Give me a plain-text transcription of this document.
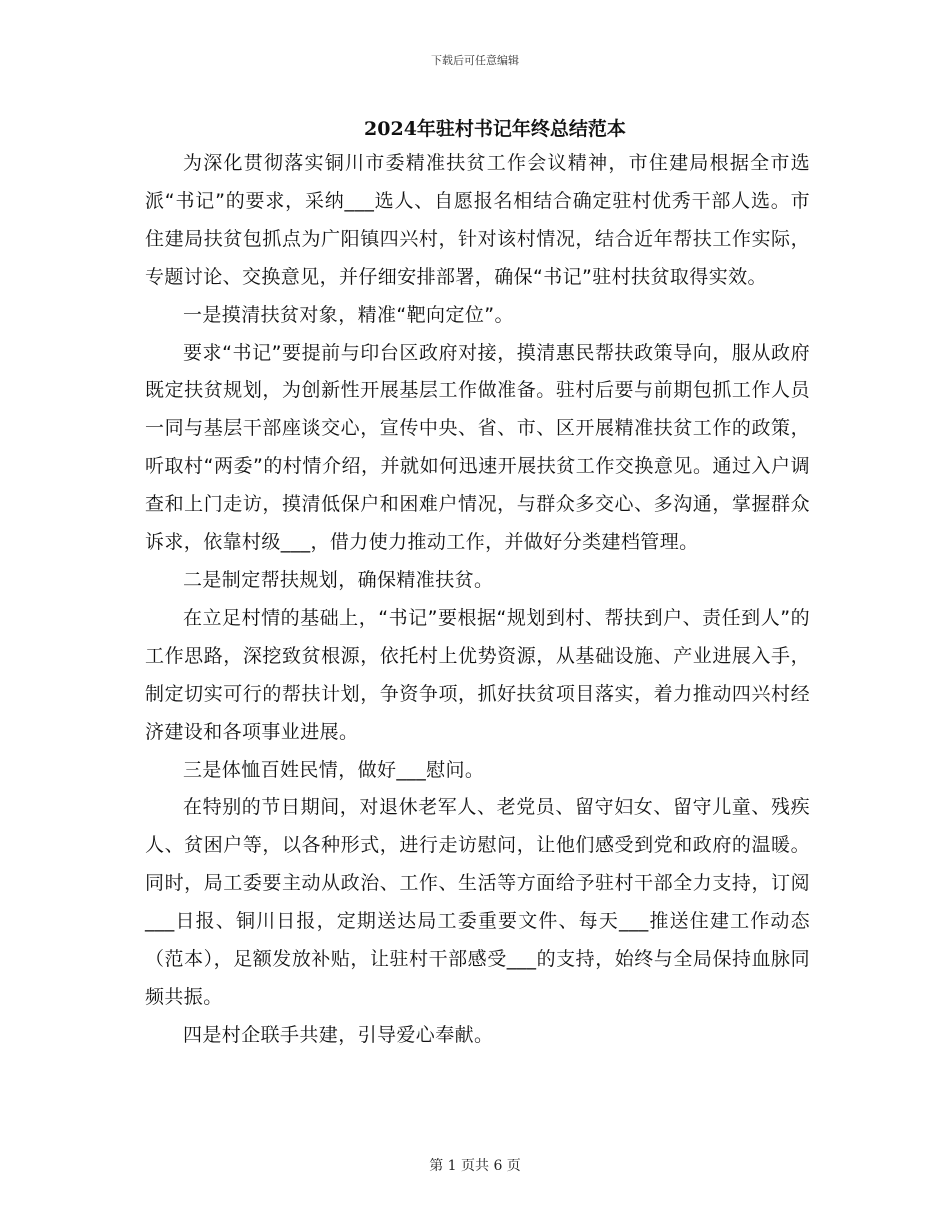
下载后可任意编辑
2024年驻村书记年终总结范本

为深化贯彻落实铜川市委精准扶贫工作会议精神，市住建局根据全市选派“书记”的要求，采纳___选人、自愿报名相结合确定驻村优秀干部人选。市住建局扶贫包抓点为广阳镇四兴村，针对该村情况，结合近年帮扶工作实际，专题讨论、交换意见，并仔细安排部署，确保“书记”驻村扶贫取得实效。

一是摸清扶贫对象，精准“靶向定位”。

要求“书记”要提前与印台区政府对接，摸清惠民帮扶政策导向，服从政府既定扶贫规划，为创新性开展基层工作做准备。驻村后要与前期包抓工作人员一同与基层干部座谈交心，宣传中央、省、市、区开展精准扶贫工作的政策，听取村“两委”的村情介绍，并就如何迅速开展扶贫工作交换意见。通过入户调查和上门走访，摸清低保户和困难户情况，与群众多交心、多沟通，掌握群众诉求，依靠村级___，借力使力推动工作，并做好分类建档管理。

二是制定帮扶规划，确保精准扶贫。

在立足村情的基础上，“书记”要根据“规划到村、帮扶到户、责任到人”的工作思路，深挖致贫根源，依托村上优势资源，从基础设施、产业进展入手，制定切实可行的帮扶计划，争资争项，抓好扶贫项目落实，着力推动四兴村经济建设和各项事业进展。

三是体恤百姓民情，做好___慰问。

在特别的节日期间，对退休老军人、老党员、留守妇女、留守儿童、残疾人、贫困户等，以各种形式，进行走访慰问，让他们感受到党和政府的温暖。同时，局工委要主动从政治、工作、生活等方面给予驻村干部全力支持，订阅___日报、铜川日报，定期送达局工委重要文件、每天___推送住建工作动态（范本），足额发放补贴，让驻村干部感受___的支持，始终与全局保持血脉同频共振。

四是村企联手共建，引导爱心奉献。

第 1 页共 6 页
